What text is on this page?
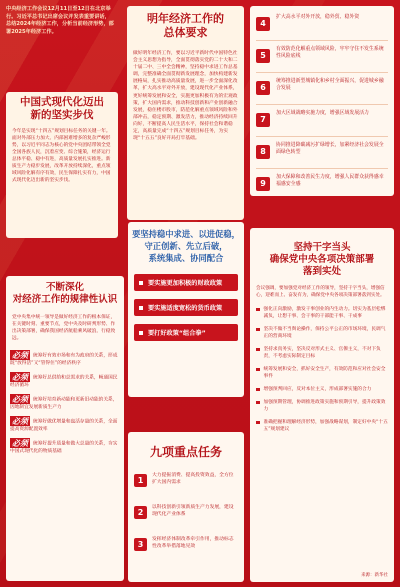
中央经济工作会议12月11日至12日在北京举行。习近平总书记出席会议并发表重要讲话，总结2024年经济工作，分析当前经济形势，部署2025年经济工作。
中国式现代化迈出
新的坚实步伐
今年是实现“十四五”规划目标任务的关键一年。面对外部压力加大、内部困难增多的复杂严峻形势，以习近平同志为核心的党中央团结带领全党全国各族人民，沉着应变、综合施策，经济运行总体平稳、稳中有进，高质量发展扎实推进。新质生产力稳步发展，改革开放持续深化，重点领域风险化解有序有效，民生保障扎实有力，中国式现代化迈出新的坚实步伐。
明年经济工作的
总体要求
做好明年经济工作，要以习近平新时代中国特色社会主义思想为指导，全面贯彻落实党的二十大和二十届二中、三中全会精神，坚持稳中求进工作总基调，完整准确全面贯彻新发展理念，加快构建新发展格局，扎实推动高质量发展，进一步全面深化改革，扩大高水平对外开放，建设现代化产业体系，更好统筹发展和安全，实施更加积极有为的宏观政策，扩大国内需求，推动科技创新和产业创新融合发展，稳住楼市股市，防范化解重点领域风险和外部冲击，稳定预期、激发活力，推动经济持续回升向好，不断提高人民生活水平，保持社会和谐稳定，高质量完成“十四五”规划目标任务，为实现“十五五”良好开局打牢基础。
4
扩大高水平对外开放，稳外贸、稳外资
5
有效防范化解重点领域风险，牢牢守住不发生系统性风险底线
6
统筹推进新型城镇化和乡村全面振兴，促进城乡融合发展
7
加大区域战略实施力度，增强区域发展活力
8
协同推进降碳减污扩绿增长，加紧经济社会发展全面绿色转型
9
加大保障和改善民生力度，增强人民群众获得感幸福感安全感
不断深化
对经济工作的规律性认识
党中央集中统一领导是做好经济工作的根本保证，在关键时刻、重要节点，党中央及时研判形势、作出决策部署，确保我国经济航船乘风破浪、行稳致远。
必须 统筹好有效市场和有为政府的关系，形成既“放得活”又“管得住”的经济秩序
必须 统筹好总供给和总需求的关系，畅通国民经济循环
必须 统筹好培育新动能和更新旧动能的关系，因地制宜发展新质生产力
必须 统筹好做优增量和盘活存量的关系，全面提高资源配置效率
必须 统筹好提升质量和做大总量的关系，夯实中国式现代化的物质基础
要坚持稳中求进、以进促稳，
守正创新、先立后破，
系统集成、协同配合
要实施更加积极的财政政策
要实施适度宽松的货币政策
要打好政策“组合拳”
九项重点任务
1
大力提振消费、提高投资效益，全方位扩大国内需求
2
以科技创新引领新质生产力发展，建设现代化产业体系
3
发挥经济体制改革牵引作用，推动标志性改革举措落地见效
坚持干字当头
确保党中央各项决策部署
落到实处
会议强调，要加强党对经济工作的领导，坚持干字当头，增强信心，迎难而上、奋发有为，确保党中央各项决策部署落到实处。
强化正向激励，激发干事创业的内生动力。切实为基层松绑减负，让想干事、会干事的干部能干事、干成事
坚决不做不当舆论操作，保持公平公正的市场环境，民调气正的营商环境
坚持求真务实，坚决反对形式主义、官僚主义，不对下负责，不考虑实际制定目标
统筹发展和安全，抓好安全生产，有效防范和应对社会安全事件
增强预判回应，反对本位主义，形成部署实施的合力
加强预期管理，协调推进政策实施和预期引导，提升政策效力
准确把握和理解经济形势，加强战略谋划，制定好中央“十五五”规划建议
来源：新华社
